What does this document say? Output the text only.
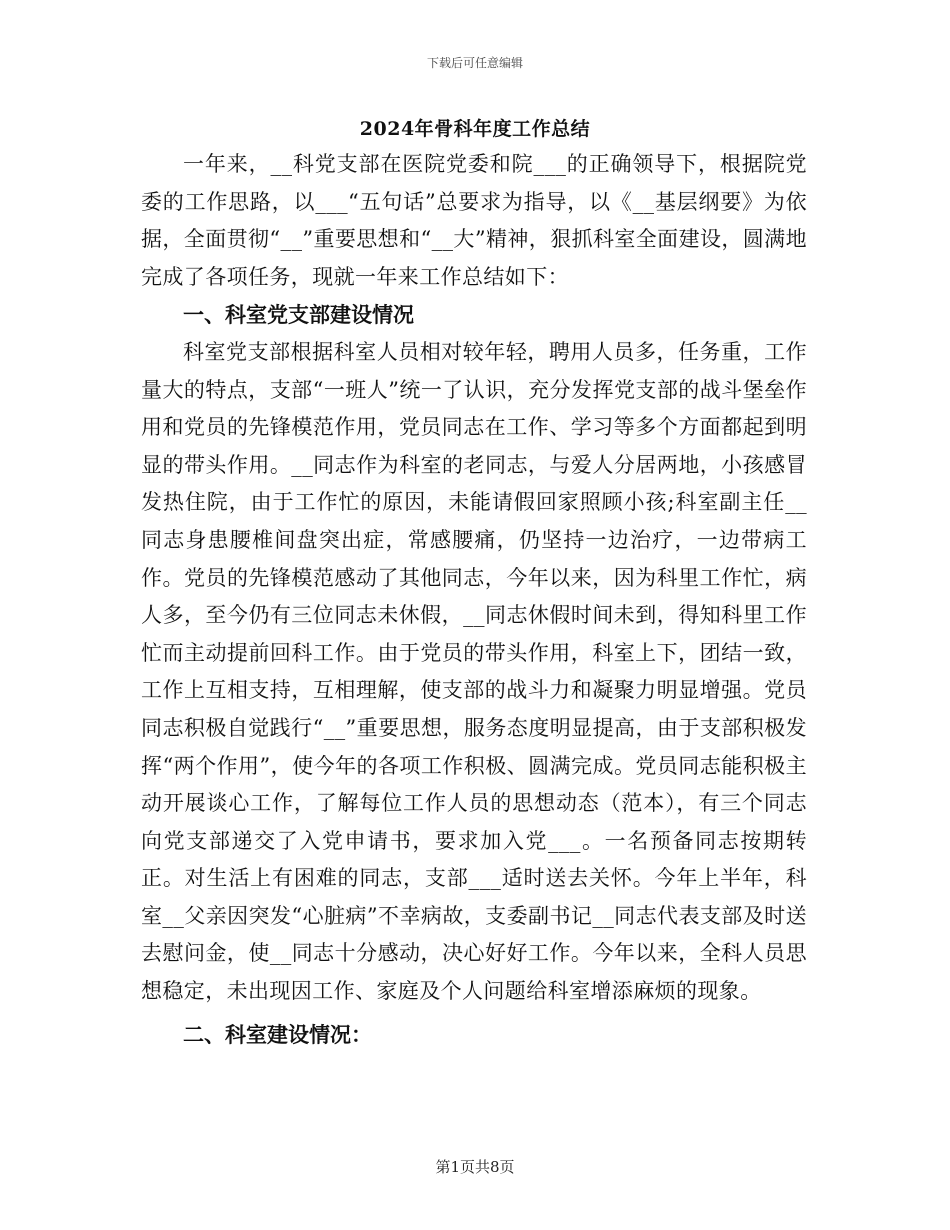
下载后可任意编辑
2024年骨科年度工作总结

一年来，__科党支部在医院党委和院___的正确领导下，根据院党委的工作思路，以___“五句话”总要求为指导，以《__基层纲要》为依据，全面贯彻“__”重要思想和“__大”精神，狠抓科室全面建设，圆满地完成了各项任务，现就一年来工作总结如下：

一、科室党支部建设情况

科室党支部根据科室人员相对较年轻，聘用人员多，任务重，工作量大的特点，支部“一班人”统一了认识，充分发挥党支部的战斗堡垒作用和党员的先锋模范作用，党员同志在工作、学习等多个方面都起到明显的带头作用。__同志作为科室的老同志，与爱人分居两地，小孩感冒发热住院，由于工作忙的原因，未能请假回家照顾小孩;科室副主任__同志身患腰椎间盘突出症，常感腰痛，仍坚持一边治疗，一边带病工作。党员的先锋模范感动了其他同志，今年以来，因为科里工作忙，病人多，至今仍有三位同志未休假，__同志休假时间未到，得知科里工作忙而主动提前回科工作。由于党员的带头作用，科室上下，团结一致，工作上互相支持，互相理解，使支部的战斗力和凝聚力明显增强。党员同志积极自觉践行“__”重要思想，服务态度明显提高，由于支部积极发挥“两个作用”，使今年的各项工作积极、圆满完成。党员同志能积极主动开展谈心工作，了解每位工作人员的思想动态（范本），有三个同志向党支部递交了入党申请书，要求加入党___。一名预备同志按期转正。对生活上有困难的同志，支部___适时送去关怀。今年上半年，科室__父亲因突发“心脏病”不幸病故，支委副书记__同志代表支部及时送去慰问金，使__同志十分感动，决心好好工作。今年以来，全科人员思想稳定，未出现因工作、家庭及个人问题给科室增添麻烦的现象。

二、科室建设情况：

第1页共8页
